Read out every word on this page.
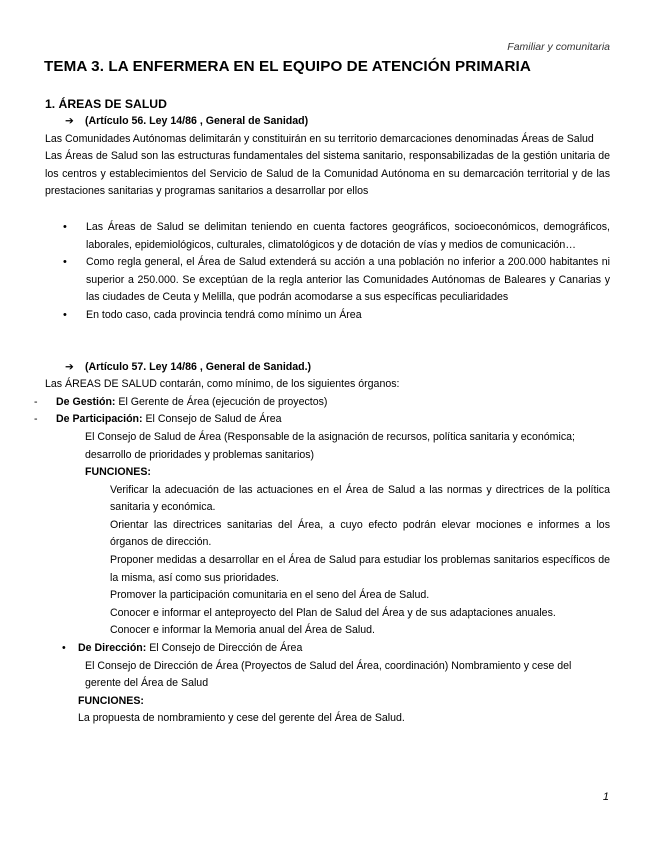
Familiar y comunitaria
TEMA 3. LA ENFERMERA EN EL EQUIPO DE ATENCIÓN PRIMARIA

1. ÁREAS DE SALUD

➔ (Artículo 56. Ley 14/86 , General de Sanidad)

Las Comunidades Autónomas delimitarán y constituirán en su territorio demarcaciones denominadas Áreas de Salud

Las Áreas de Salud son las estructuras fundamentales del sistema sanitario, responsabilizadas de la gestión unitaria de los centros y establecimientos del Servicio de Salud de la Comunidad Autónoma en su demarcación territorial y de las prestaciones sanitarias y programas sanitarios a desarrollar por ellos

• Las Áreas de Salud se delimitan teniendo en cuenta factores geográficos, socioeconómicos, demográficos, laborales, epidemiológicos, culturales, climatológicos y de dotación de vías y medios de comunicación…
• Como regla general, el Área de Salud extenderá su acción a una población no inferior a 200.000 habitantes ni superior a 250.000. Se exceptúan de la regla anterior las Comunidades Autónomas de Baleares y Canarias y las ciudades de Ceuta y Melilla, que podrán acomodarse a sus específicas peculiaridades
• En todo caso, cada provincia tendrá como mínimo un Área

➔ (Artículo 57. Ley 14/86 , General de Sanidad.)

Las ÁREAS DE SALUD contarán, como mínimo, de los siguientes órganos:

- De Gestión: El Gerente de Área (ejecución de proyectos)

- De Participación: El Consejo de Salud de Área

El Consejo de Salud de Área (Responsable de la asignación de recursos, política sanitaria y económica; desarrollo de prioridades y problemas sanitarios)

FUNCIONES:

Verificar la adecuación de las actuaciones en el Área de Salud a las normas y directrices de la política sanitaria y económica.

Orientar las directrices sanitarias del Área, a cuyo efecto podrán elevar mociones e informes a los órganos de dirección.

Proponer medidas a desarrollar en el Área de Salud para estudiar los problemas sanitarios específicos de la misma, así como sus prioridades.

Promover la participación comunitaria en el seno del Área de Salud.

Conocer e informar el anteproyecto del Plan de Salud del Área y de sus adaptaciones anuales.

Conocer e informar la Memoria anual del Área de Salud.

• De Dirección: El Consejo de Dirección de Área

El Consejo de Dirección de Área (Proyectos de Salud del Área, coordinación) Nombramiento y cese del gerente del Área de Salud

FUNCIONES:

La propuesta de nombramiento y cese del gerente del Área de Salud.

1
